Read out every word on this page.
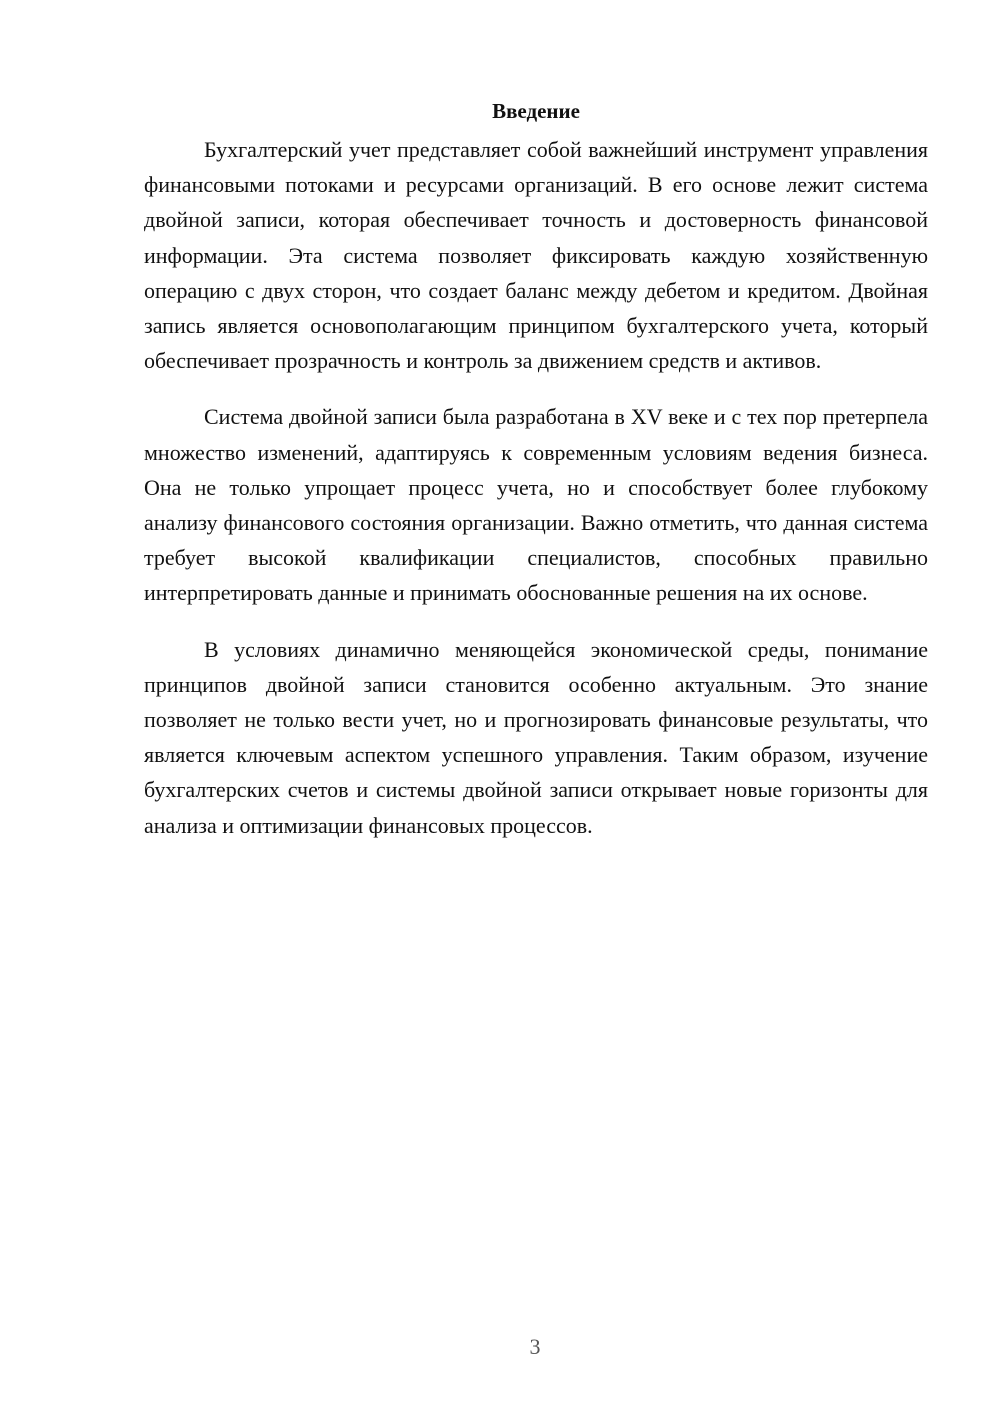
Введение

Бухгалтерский учет представляет собой важнейший инструмент управления финансовыми потоками и ресурсами организаций. В его основе лежит система двойной записи, которая обеспечивает точность и достоверность финансовой информации. Эта система позволяет фиксировать каждую хозяйственную операцию с двух сторон, что создает баланс между дебетом и кредитом. Двойная запись является основополагающим принципом бухгалтерского учета, который обеспечивает прозрачность и контроль за движением средств и активов.

Система двойной записи была разработана в XV веке и с тех пор претерпела множество изменений, адаптируясь к современным условиям ведения бизнеса. Она не только упрощает процесс учета, но и способствует более глубокому анализу финансового состояния организации. Важно отметить, что данная система требует высокой квалификации специалистов, способных правильно интерпретировать данные и принимать обоснованные решения на их основе.

В условиях динамично меняющейся экономической среды, понимание принципов двойной записи становится особенно актуальным. Это знание позволяет не только вести учет, но и прогнозировать финансовые результаты, что является ключевым аспектом успешного управления. Таким образом, изучение бухгалтерских счетов и системы двойной записи открывает новые горизонты для анализа и оптимизации финансовых процессов.

3
